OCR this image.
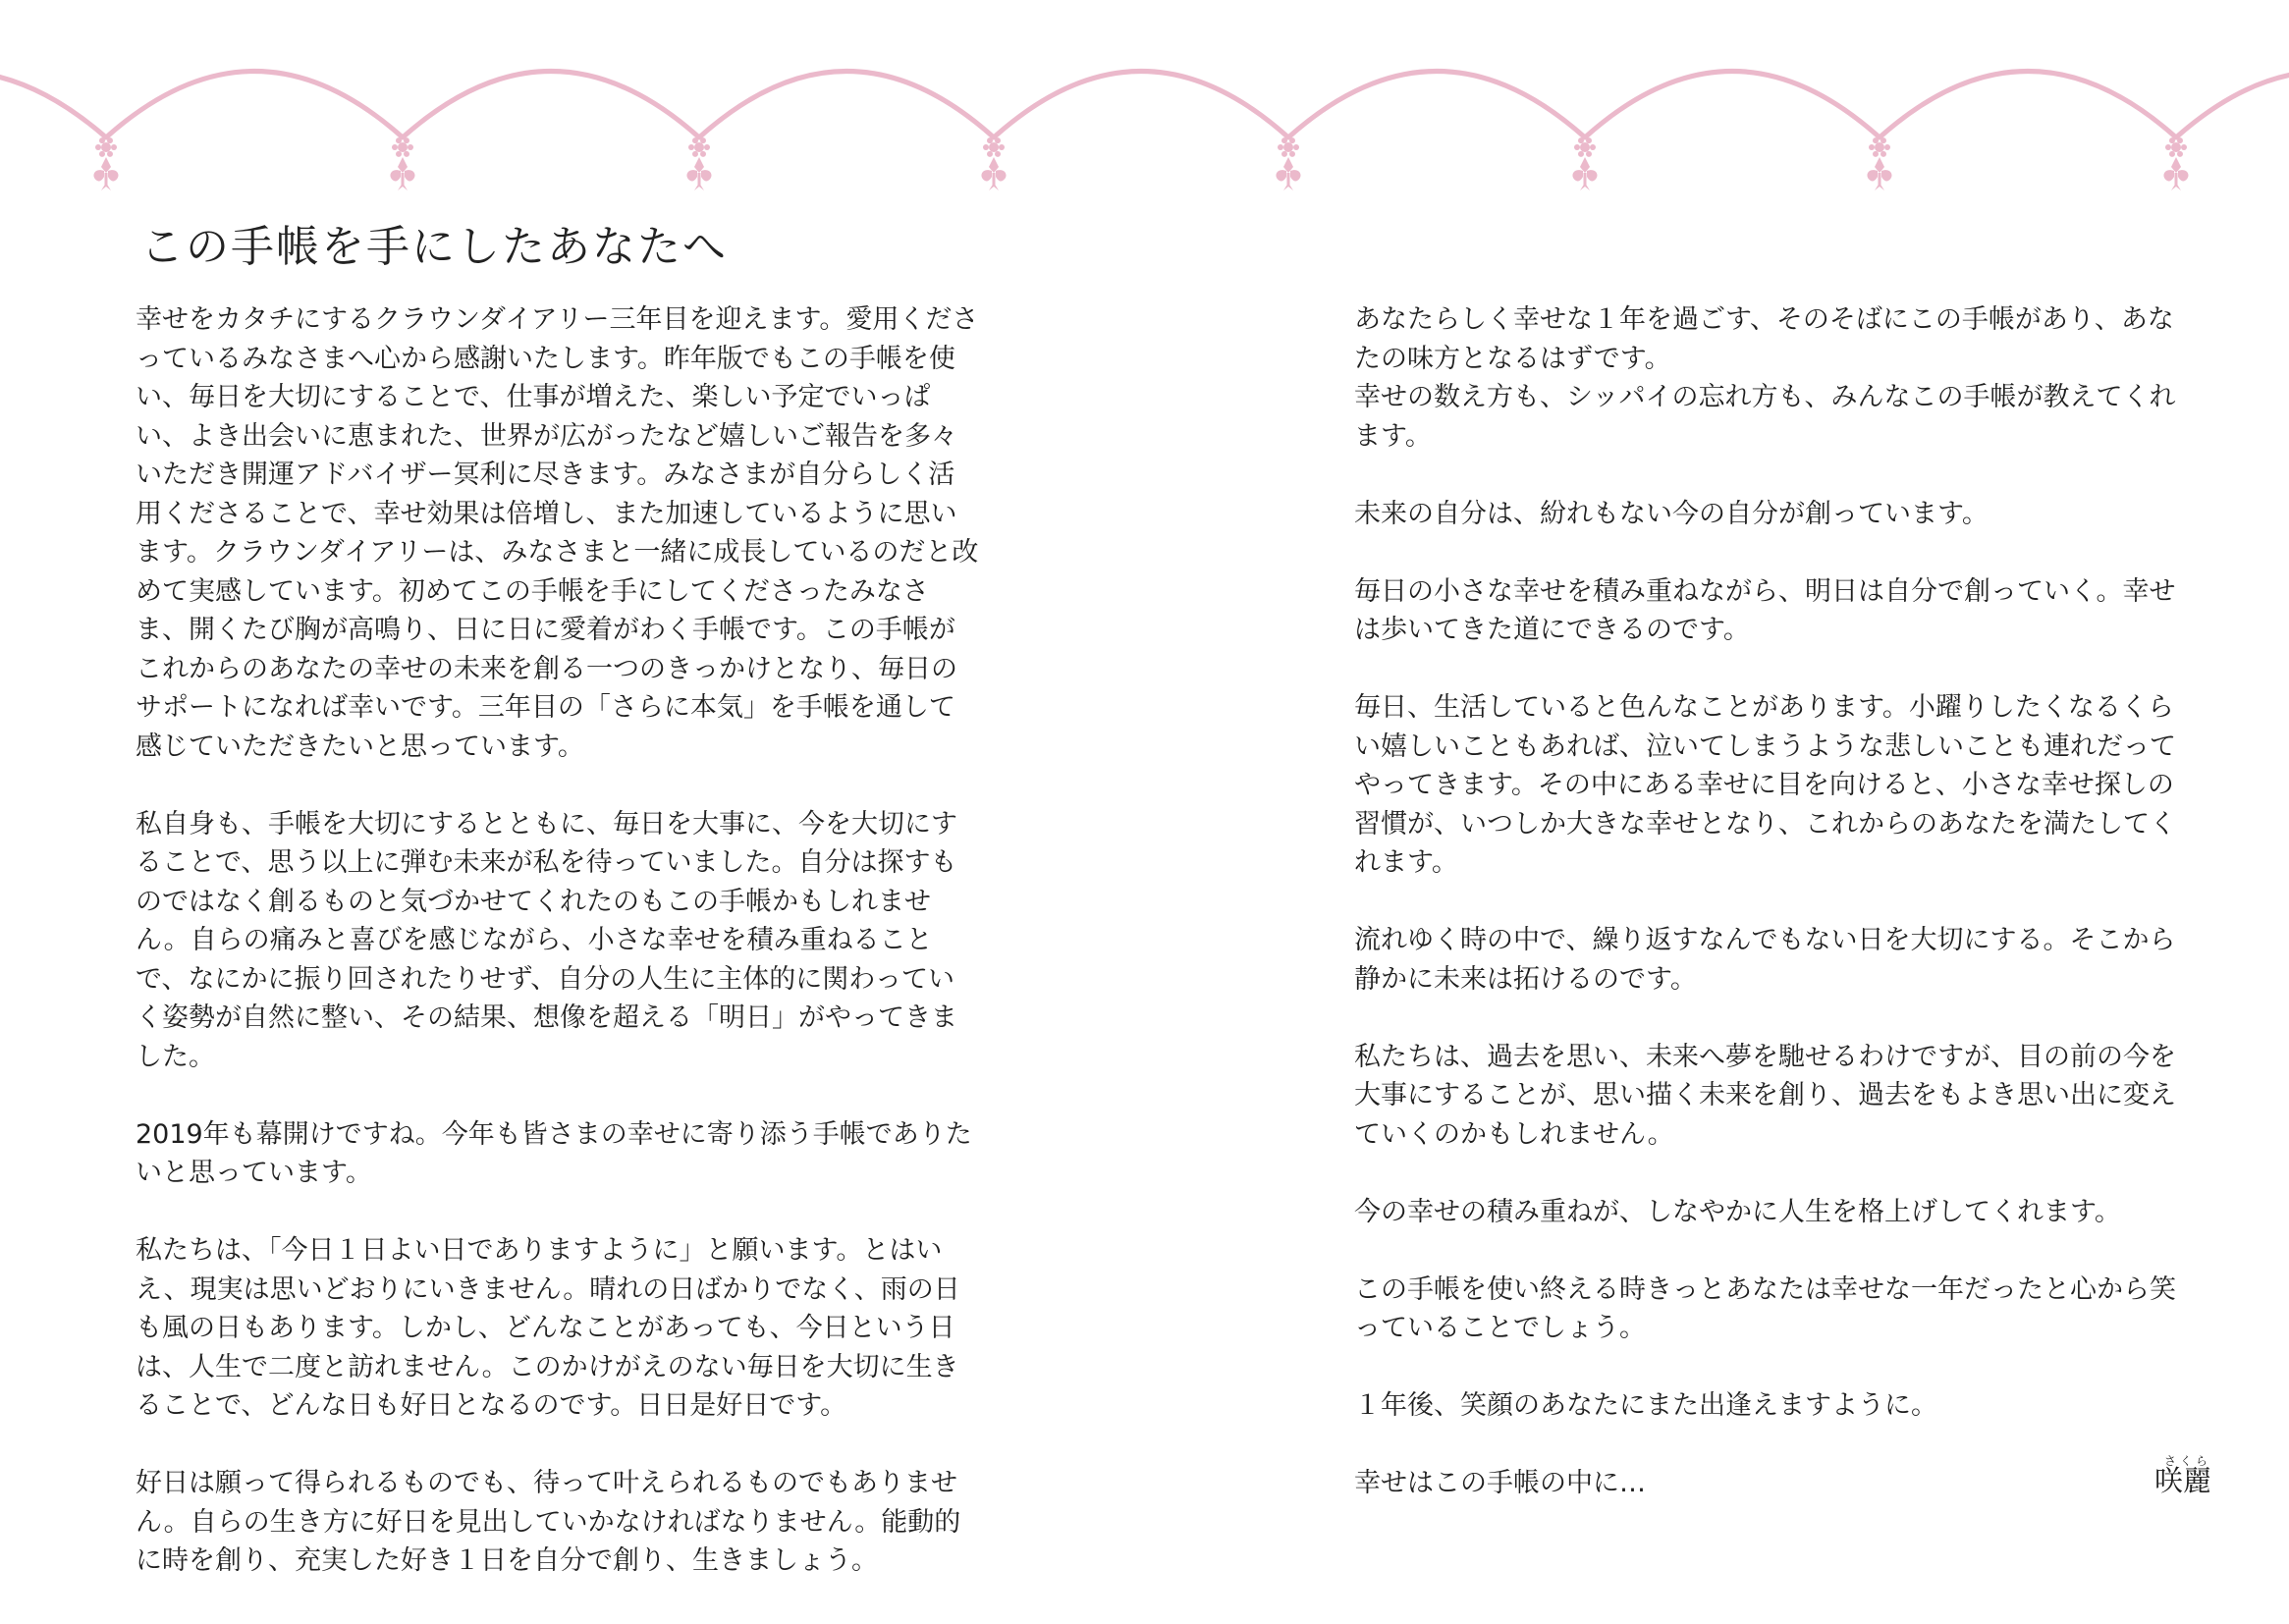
この手帳を手にしたあなたへ

幸せをカタチにするクラウンダイアリー三年目を迎えます。愛用くださっているみなさまへ心から感謝いたします。昨年版でもこの手帳を使い、毎日を大切にすることで、仕事が増えた、楽しい予定でいっぱい、よき出会いに恵まれた、世界が広がったなど嬉しいご報告を多々いただき開運アドバイザー冥利に尽きます。みなさまが自分らしく活用くださることで、幸せ効果は倍増し、また加速しているように思います。クラウンダイアリーは、みなさまと一緒に成長しているのだと改めて実感しています。初めてこの手帳を手にしてくださったみなさま、開くたび胸が高鳴り、日に日に愛着がわく手帳です。この手帳がこれからのあなたの幸せの未来を創る一つのきっかけとなり、毎日のサポートになれば幸いです。三年目の「さらに本気」を手帳を通して感じていただきたいと思っています。

私自身も、手帳を大切にするとともに、毎日を大事に、今を大切にすることで、思う以上に弾む未来が私を待っていました。自分は探すものではなく創るものと気づかせてくれたのもこの手帳かもしれません。自らの痛みと喜びを感じながら、小さな幸せを積み重ねることで、なにかに振り回されたりせず、自分の人生に主体的に関わっていく姿勢が自然に整い、その結果、想像を超える「明日」がやってきました。

2019年も幕開けですね。今年も皆さまの幸せに寄り添う手帳でありたいと思っています。

私たちは、「今日１日よい日でありますように」と願います。とはいえ、現実は思いどおりにいきません。晴れの日ばかりでなく、雨の日も風の日もあります。しかし、どんなことがあっても、今日という日は、人生で二度と訪れません。このかけがえのない毎日を大切に生きることで、どんな日も好日となるのです。日日是好日です。

好日は願って得られるものでも、待って叶えられるものでもありません。自らの生き方に好日を見出していかなければなりません。能動的に時を創り、充実した好き１日を自分で創り、生きましょう。

あなたらしく幸せな１年を過ごす、そのそばにこの手帳があり、あなたの味方となるはずです。
幸せの数え方も、シッパイの忘れ方も、みんなこの手帳が教えてくれます。

未来の自分は、紛れもない今の自分が創っています。

毎日の小さな幸せを積み重ねながら、明日は自分で創っていく。幸せは歩いてきた道にできるのです。

毎日、生活していると色んなことがあります。小躍りしたくなるくらい嬉しいこともあれば、泣いてしまうような悲しいことも連れだってやってきます。その中にある幸せに目を向けると、小さな幸せ探しの習慣が、いつしか大きな幸せとなり、これからのあなたを満たしてくれます。

流れゆく時の中で、繰り返すなんでもない日を大切にする。そこから静かに未来は拓けるのです。

私たちは、過去を思い、未来へ夢を馳せるわけですが、目の前の今を大事にすることが、思い描く未来を創り、過去をもよき思い出に変えていくのかもしれません。

今の幸せの積み重ねが、しなやかに人生を格上げしてくれます。

この手帳を使い終える時きっとあなたは幸せな一年だったと心から笑っていることでしょう。

１年後、笑顔のあなたにまた出逢えますように。

幸せはこの手帳の中に…

さくら
咲麗
